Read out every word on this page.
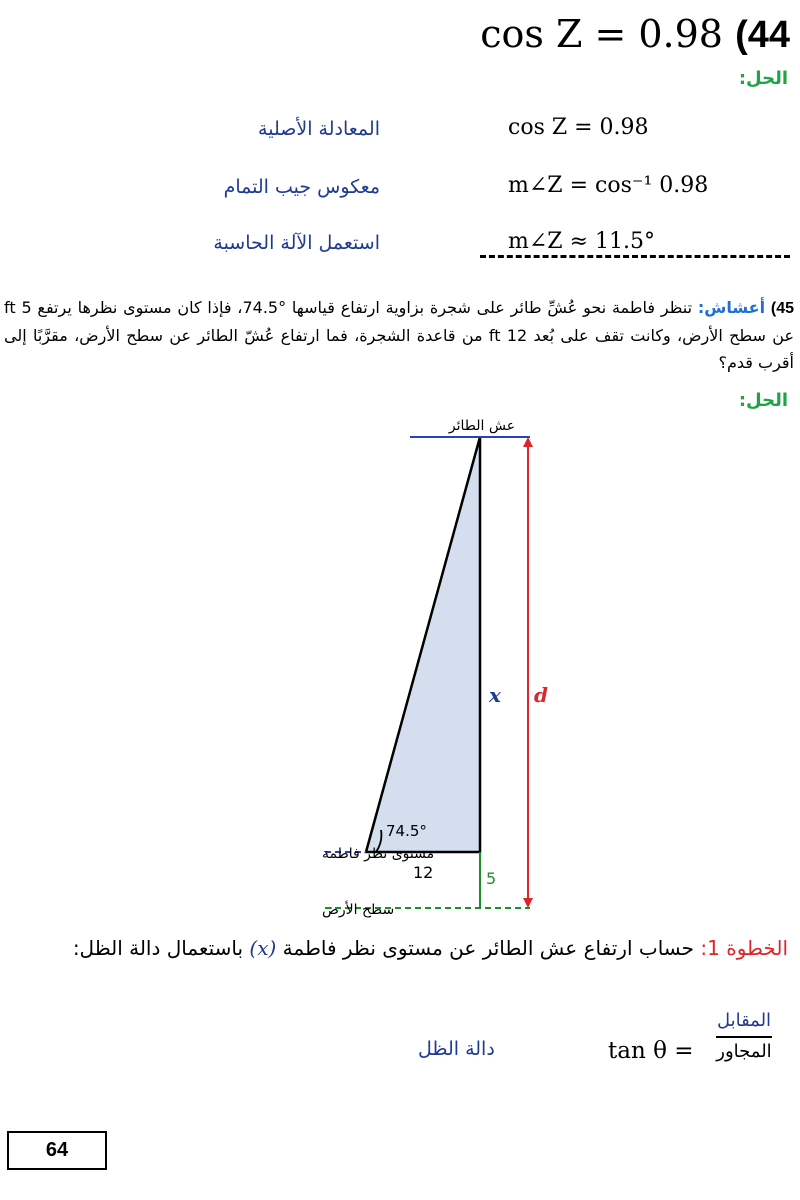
cos Z = 0.98 (44
الحل:
cos Z = 0.98
المعادلة الأصلية
m∠Z = cos⁻¹ 0.98
معكوس جيب التمام
m∠Z ≈ 11.5°
استعمل الآلة الحاسبة
45) أعشاش: تنظر فاطمة نحو عُشِّ طائر على شجرة بزاوية ارتفاع قياسها °74.5، فإذا كان مستوى نظرها يرتفع 5 ft عن سطح الأرض، وكانت تقف على بُعد 12 ft من قاعدة الشجرة، فما ارتفاع عُشّ الطائر عن سطح الأرض، مقرَّبًا إلى أقرب قدم؟
الحل:
74.5°
12	5
x d
عش الطائر
مستوى نظر فاطمة
سطح الأرض
الخطوة 1: حساب ارتفاع عش الطائر عن مستوى نظر فاطمة (x) باستعمال دالة الظل:
tan θ =
المقابل
المجاور
دالة الظل
64
